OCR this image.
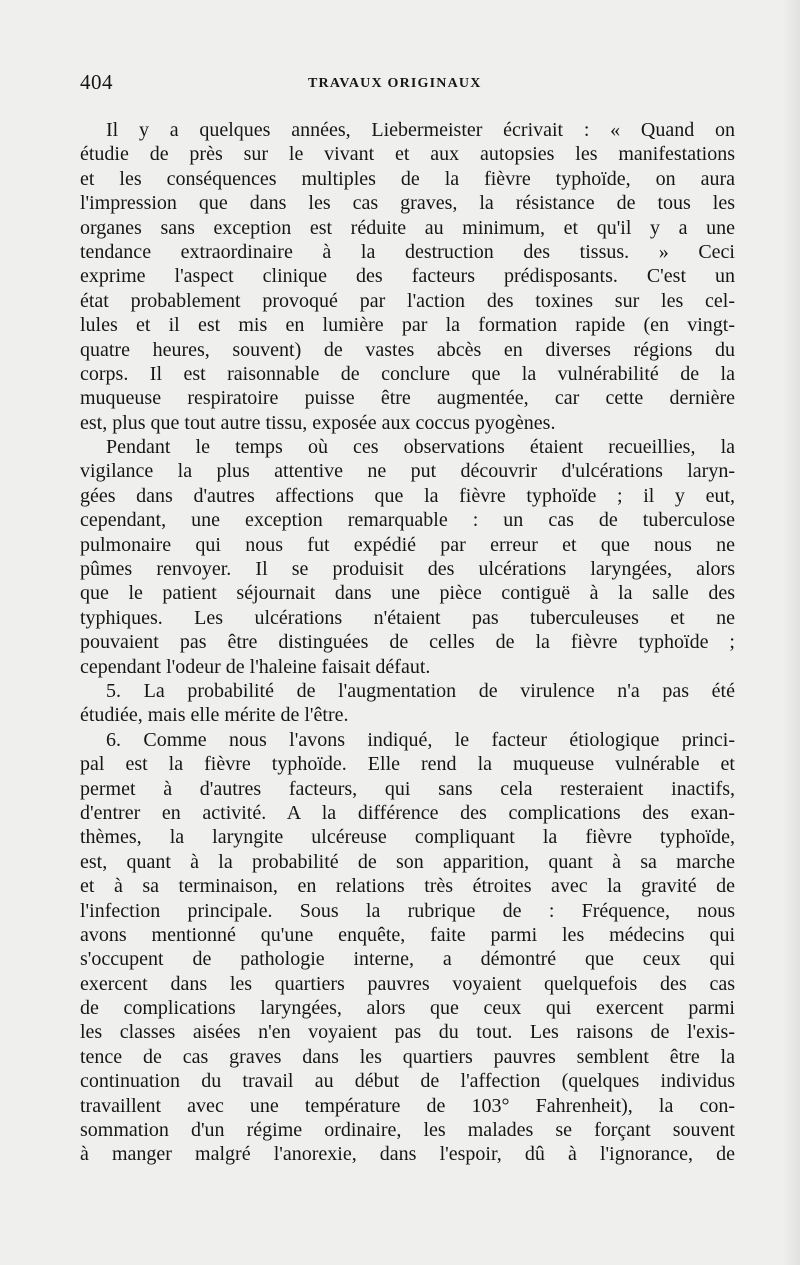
404	TRAVAUX ORIGINAUX
Il y a quelques années, Liebermeister écrivait : « Quand on
étudie de près sur le vivant et aux autopsies les manifestations
et les conséquences multiples de la fièvre typhoïde, on aura
l'impression que dans les cas graves, la résistance de tous les
organes sans exception est réduite au minimum, et qu'il y a une
tendance extraordinaire à la destruction des tissus. » Ceci
exprime l'aspect clinique des facteurs prédisposants. C'est un
état probablement provoqué par l'action des toxines sur les cel-
lules et il est mis en lumière par la formation rapide (en vingt-
quatre heures, souvent) de vastes abcès en diverses régions du
corps. Il est raisonnable de conclure que la vulnérabilité de la
muqueuse respiratoire puisse être augmentée, car cette dernière
est, plus que tout autre tissu, exposée aux coccus pyogènes.
Pendant le temps où ces observations étaient recueillies, la
vigilance la plus attentive ne put découvrir d'ulcérations laryn-
gées dans d'autres affections que la fièvre typhoïde ; il y eut,
cependant, une exception remarquable : un cas de tuberculose
pulmonaire qui nous fut expédié par erreur et que nous ne
pûmes renvoyer. Il se produisit des ulcérations laryngées, alors
que le patient séjournait dans une pièce contiguë à la salle des
typhiques. Les ulcérations n'étaient pas tuberculeuses et ne
pouvaient pas être distinguées de celles de la fièvre typhoïde ;
cependant l'odeur de l'haleine faisait défaut.
5. La probabilité de l'augmentation de virulence n'a pas été
étudiée, mais elle mérite de l'être.
6. Comme nous l'avons indiqué, le facteur étiologique princi-
pal est la fièvre typhoïde. Elle rend la muqueuse vulnérable et
permet à d'autres facteurs, qui sans cela resteraient inactifs,
d'entrer en activité. A la différence des complications des exan-
thèmes, la laryngite ulcéreuse compliquant la fièvre typhoïde,
est, quant à la probabilité de son apparition, quant à sa marche
et à sa terminaison, en relations très étroites avec la gravité de
l'infection principale. Sous la rubrique de : Fréquence, nous
avons mentionné qu'une enquête, faite parmi les médecins qui
s'occupent de pathologie interne, a démontré que ceux qui
exercent dans les quartiers pauvres voyaient quelquefois des cas
de complications laryngées, alors que ceux qui exercent parmi
les classes aisées n'en voyaient pas du tout. Les raisons de l'exis-
tence de cas graves dans les quartiers pauvres semblent être la
continuation du travail au début de l'affection (quelques individus
travaillent avec une température de 103° Fahrenheit), la con-
sommation d'un régime ordinaire, les malades se forçant souvent
à manger malgré l'anorexie, dans l'espoir, dû à l'ignorance, de
